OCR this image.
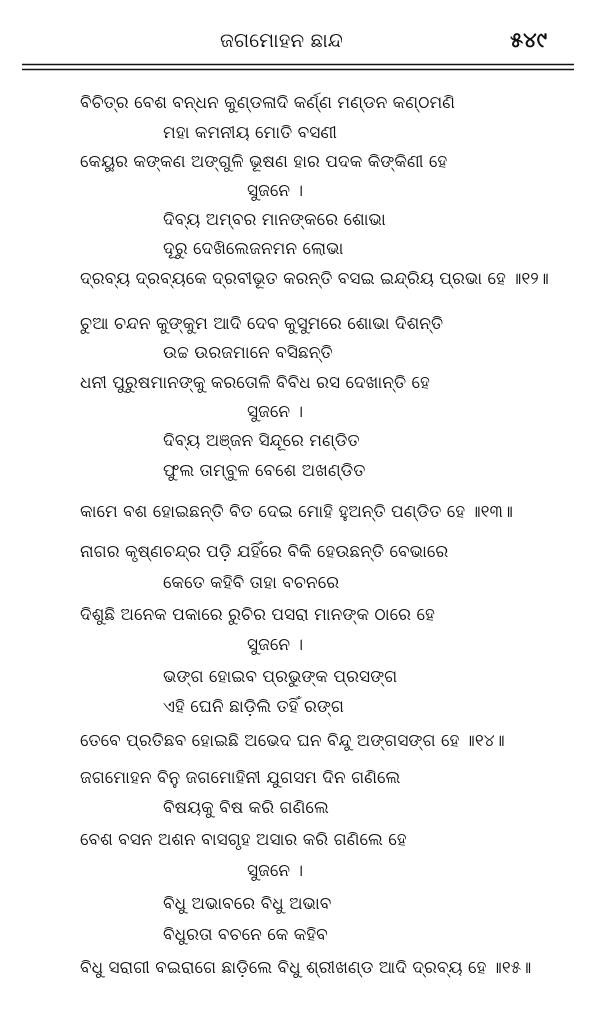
ଜଗମୋହନ ଛାନ୍ଦ	୫୪୯
ବିଚିତ୍ର ବେଶ ବନ୍ଧନ କୁଣ୍ଡଳାଦି କର୍ଣ୍ଣ ମଣ୍ଡନ କଣ୍ଠମଣି
ମହା କମନୀୟ ମୋତି ବସଣୀ
କେୟୁର କଙ୍କଣ ଅଙ୍ଗୁଳି ଭୂଷଣ ହାର ପଦକ କିଙ୍କିଣୀ ହେ
ସୁଜନେ ।
ଦିବ୍ୟ ଅମ୍ବର ମାନଙ୍କରେ ଶୋଭା
ଦୂରୁ ଦେଖିଲେଜନମନ ଲୋଭା
ଦ୍ରବ୍ୟ ଦ୍ରବ୍ୟକେ ଦ୍ରବୀଭୂତ କରନ୍ତି ବସଇ ଇନ୍ଦ୍ରିୟ ପ୍ରଭା ହେ ॥୧୨॥
ଚୁଆ ଚନ୍ଦନ କୁଙ୍କୁମ ଆଦି ଦେବ କୁସୁମରେ ଶୋଭା ଦିଶନ୍ତି
ଉଚ୍ଚ ଉରଜମାନେ ବସିଛନ୍ତି
ଧନୀ ପୁରୁଷମାନଙ୍କୁ କରତୋଳି ବିବିଧ ରସ ଦେଖାନ୍ତି ହେ
ସୁଜନେ ।
ଦିବ୍ୟ ଅଞ୍ଜନ ସିନ୍ଦୂରେ ମଣ୍ଡିତ
ଫୁଲ ତାମ୍ବୁଳ ବେଶେ ଅଖଣ୍ଡିତ
କାମେ ବଶ ହୋଇଛନ୍ତି ବିତ ଦେଇ ମୋହି ହୁଅନ୍ତି ପଣ୍ଡିତ ହେ ॥୧୩॥
ନାଗର କୃଷ୍ଣଚନ୍ଦ୍ର ପଡ଼ି ଯହିଁରେ ବିକି ହେଉଛନ୍ତି ବେଭାରେ
କେତେ କହିବି ତାହା ବଚନରେ
ଦିଶୁଛି ଅନେକ ପକାରେ ରୁଚିର ପସରା ମାନଙ୍କ ଠାରେ ହେ
ସୁଜନେ ।
ଭଙ୍ଗ ହୋଇବ ପ୍ରଭୁଙ୍କ ପ୍ରସଙ୍ଗ
ଏହି ଘେନି ଛାଡ଼ିଲି ତହିଁ ରଙ୍ଗ
ତେବେ ପ୍ରତିଛବ ହୋଇଛି ଅଭେଦ ଘନ ବିନ୍ଦୁ ଅଙ୍ଗସଙ୍ଗ ହେ ॥୧୪॥
ଜଗମୋହନ ବିନୁ ଜଗମୋହିନୀ ଯୁଗସମ ଦିନ ଗଣିଲେ
ବିଷୟକୁ ବିଷ କରି ଗଣିଲେ
ବେଶ ବସନ ଅଶନ ବାସଗୃହ ଅସାର କରି ଗଣିଲେ ହେ
ସୁଜନେ ।
ବିଧୁ ଅଭାବରେ ବିଧୁ ଅଭାବ
ବିଧୁରତା ବଚନେ କେ କହିବ
ବିଧୁ ସରାଗୀ ବଇରାଗେ ଛାଡ଼ିଲେ ବିଧୁ ଶ୍ରୀଖଣ୍ଡ ଆଦି ଦ୍ରବ୍ୟ ହେ ॥୧୫॥
